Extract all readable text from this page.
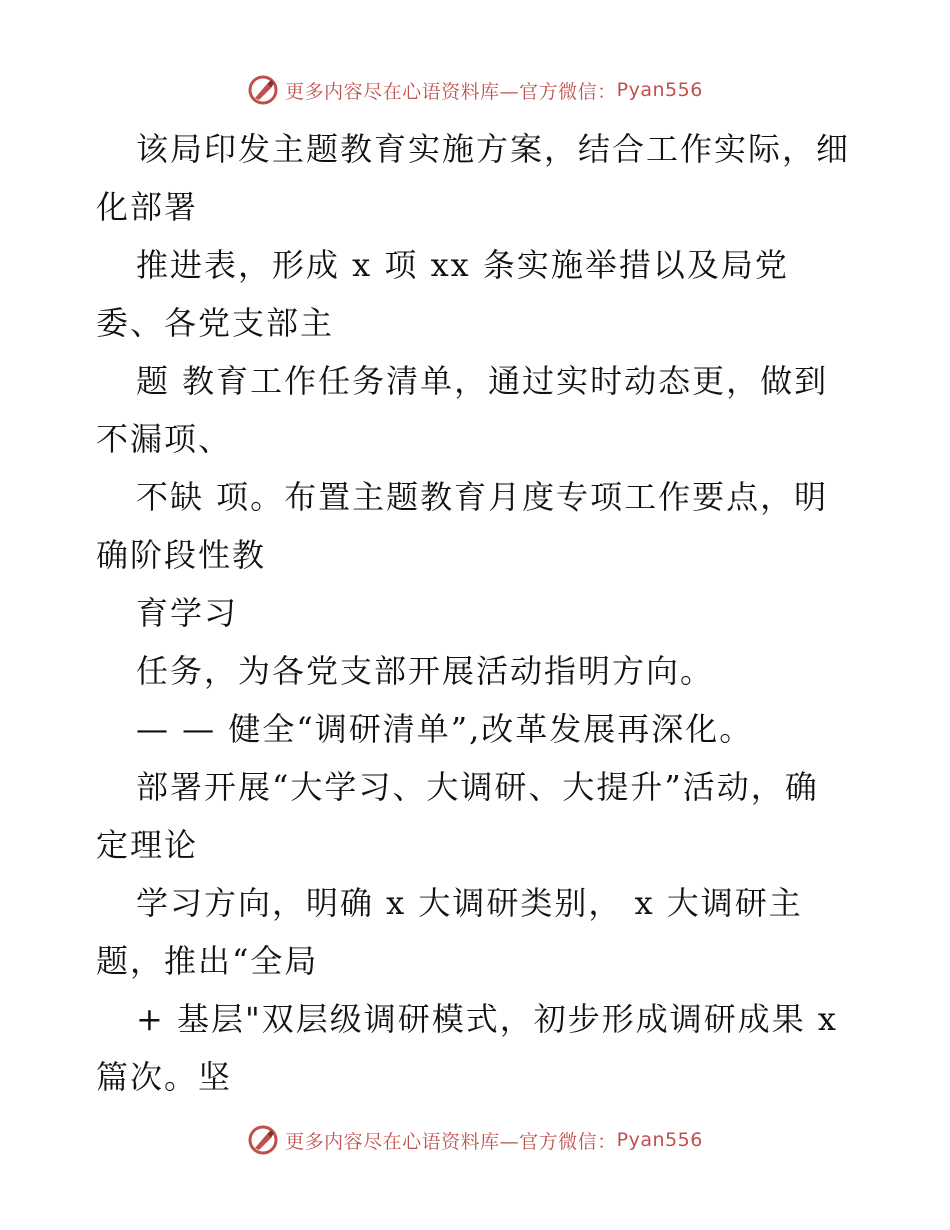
更多内容尽在心语资料库—官方微信： Pyan556
该局印发主题教育实施方案，结合工作实际，细
化部署
推进表，形成 x 项 xx 条实施举措以及局党
委、各党支部主
题 教育工作任务清单，通过实时动态更，做到
不漏项、
不缺 项。布置主题教育月度专项工作要点，明
确阶段性教
育学习
任务，为各党支部开展活动指明方向。
— — 健全“调研清单”,改革发展再深化。
部署开展“大学习、大调研、大提升”活动，确
定理论
学习方向，明确 x 大调研类别， x 大调研主
题，推出“全局
+ 基层"双层级调研模式，初步形成调研成果 x
篇次。坚
更多内容尽在心语资料库—官方微信： Pyan556
